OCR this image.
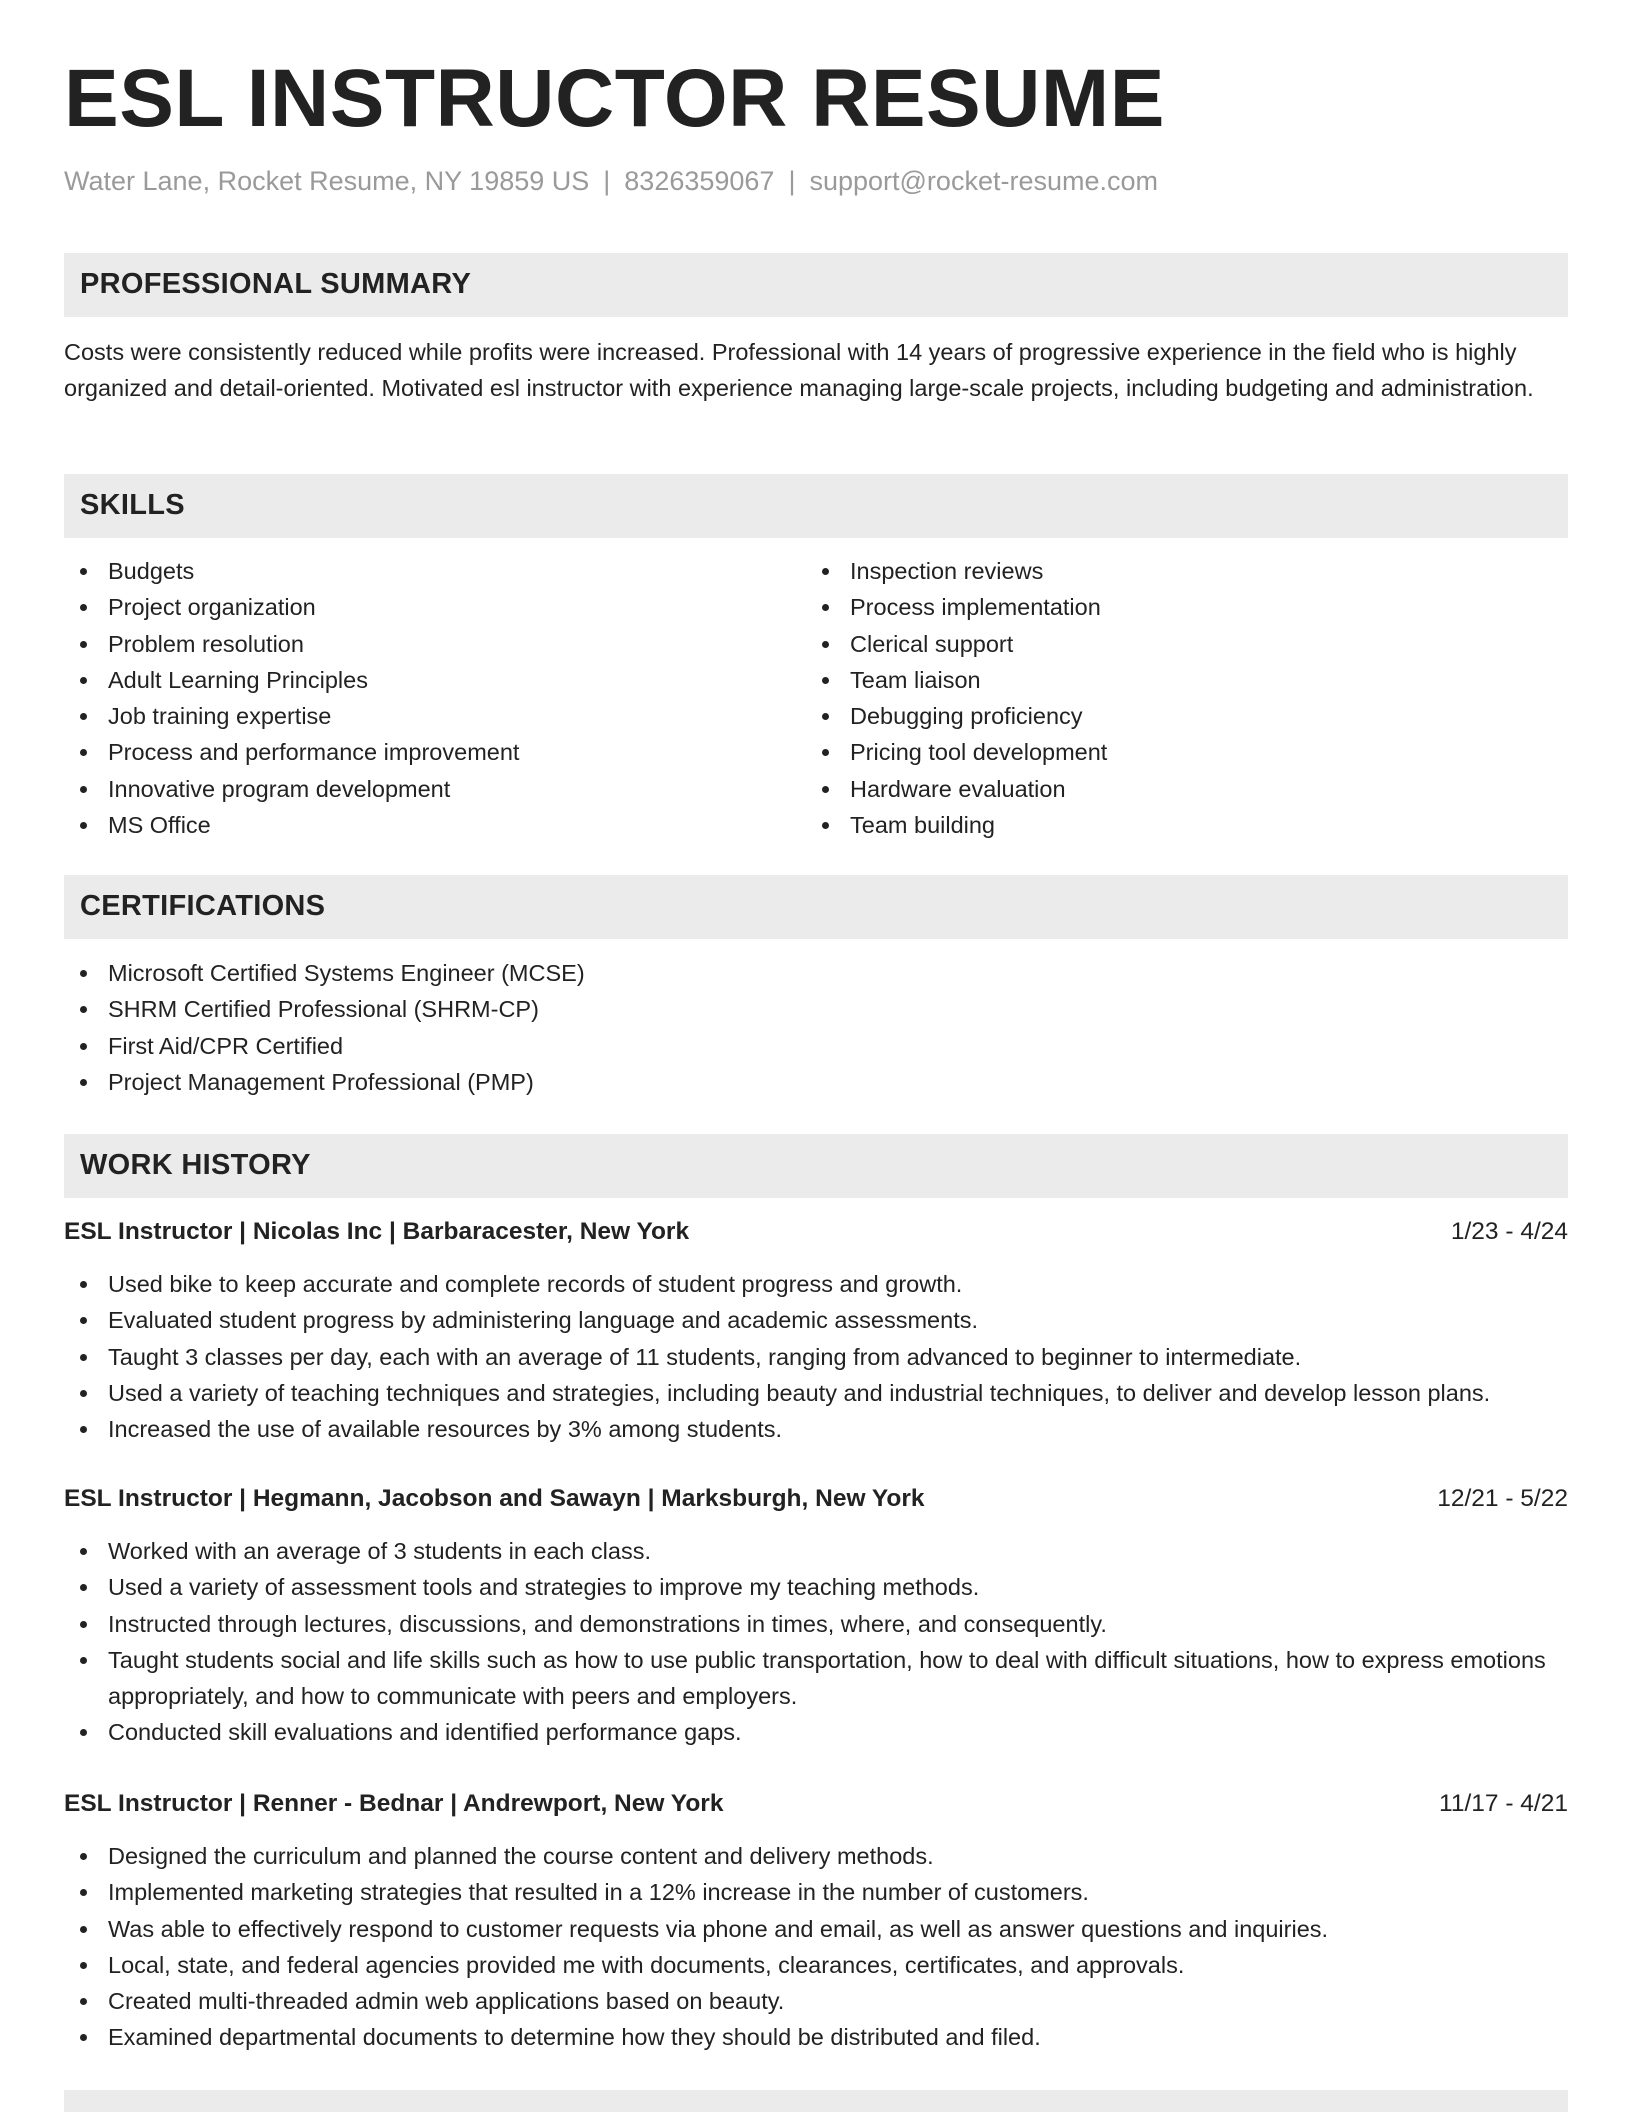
ESL INSTRUCTOR RESUME
Water Lane, Rocket Resume, NY 19859 US | 8326359067 | support@rocket-resume.com
PROFESSIONAL SUMMARY

Costs were consistently reduced while profits were increased. Professional with 14 years of progressive experience in the field who is highly organized and detail-oriented. Motivated esl instructor with experience managing large-scale projects, including budgeting and administration.

SKILLS
Budgets
Project organization
Problem resolution
Adult Learning Principles
Job training expertise
Process and performance improvement
Innovative program development
MS Office
Inspection reviews
Process implementation
Clerical support
Team liaison
Debugging proficiency
Pricing tool development
Hardware evaluation
Team building
CERTIFICATIONS
Microsoft Certified Systems Engineer (MCSE)
SHRM Certified Professional (SHRM-CP)
First Aid/CPR Certified
Project Management Professional (PMP)
WORK HISTORY
ESL Instructor | Nicolas Inc | Barbaracester, New York	1/23 - 4/24
Used bike to keep accurate and complete records of student progress and growth.
Evaluated student progress by administering language and academic assessments.
Taught 3 classes per day, each with an average of 11 students, ranging from advanced to beginner to intermediate.
Used a variety of teaching techniques and strategies, including beauty and industrial techniques, to deliver and develop lesson plans.
Increased the use of available resources by 3% among students.
ESL Instructor | Hegmann, Jacobson and Sawayn | Marksburgh, New York	12/21 - 5/22
Worked with an average of 3 students in each class.
Used a variety of assessment tools and strategies to improve my teaching methods.
Instructed through lectures, discussions, and demonstrations in times, where, and consequently.
Taught students social and life skills such as how to use public transportation, how to deal with difficult situations, how to express emotions appropriately, and how to communicate with peers and employers.
Conducted skill evaluations and identified performance gaps.
ESL Instructor | Renner - Bednar | Andrewport, New York	11/17 - 4/21
Designed the curriculum and planned the course content and delivery methods.
Implemented marketing strategies that resulted in a 12% increase in the number of customers.
Was able to effectively respond to customer requests via phone and email, as well as answer questions and inquiries.
Local, state, and federal agencies provided me with documents, clearances, certificates, and approvals.
Created multi-threaded admin web applications based on beauty.
Examined departmental documents to determine how they should be distributed and filed.
